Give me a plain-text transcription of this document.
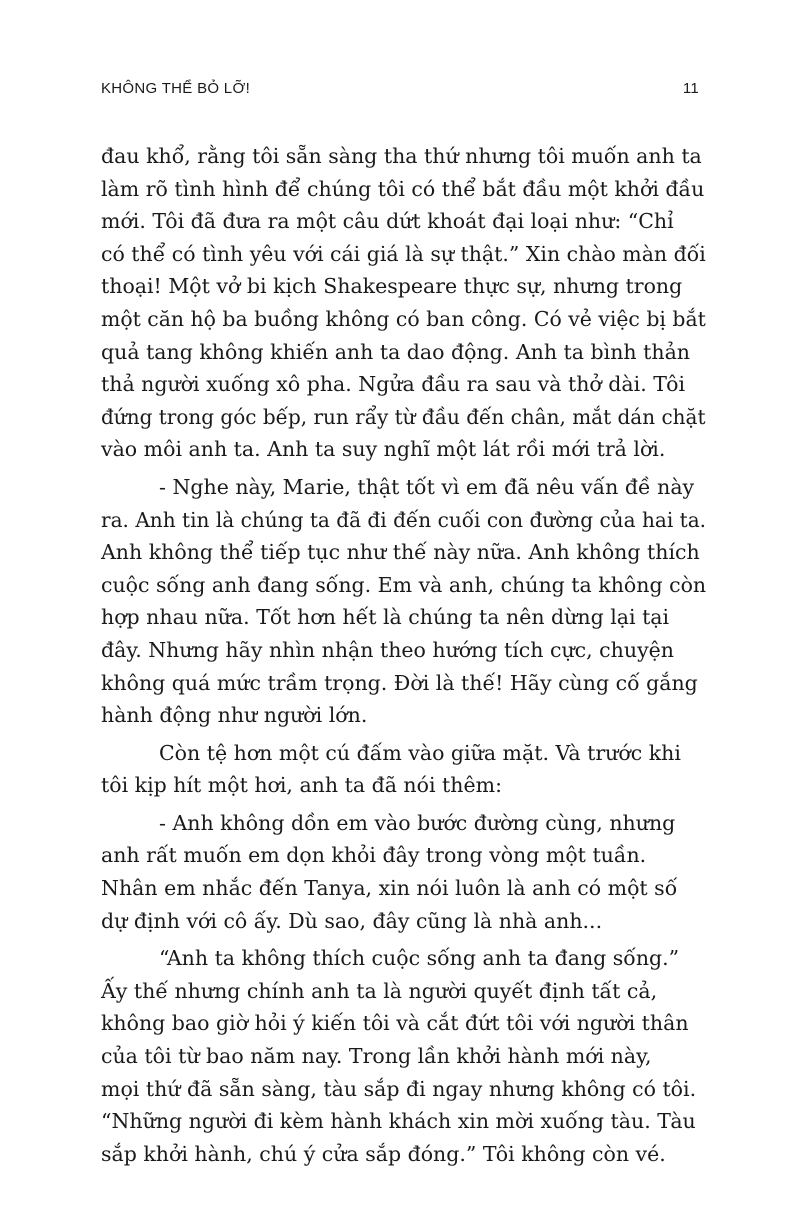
KHÔNG THỂ BỎ LỠ!	11

đau khổ, rằng tôi sẵn sàng tha thứ nhưng tôi muốn anh ta
làm rõ tình hình để chúng tôi có thể bắt đầu một khởi đầu
mới. Tôi đã đưa ra một câu dứt khoát đại loại như: “Chỉ
có thể có tình yêu với cái giá là sự thật.” Xin chào màn đối
thoại! Một vở bi kịch Shakespeare thực sự, nhưng trong
một căn hộ ba buồng không có ban công. Có vẻ việc bị bắt
quả tang không khiến anh ta dao động. Anh ta bình thản
thả người xuống xô pha. Ngửa đầu ra sau và thở dài. Tôi
đứng trong góc bếp, run rẩy từ đầu đến chân, mắt dán chặt
vào môi anh ta. Anh ta suy nghĩ một lát rồi mới trả lời.

- Nghe này, Marie, thật tốt vì em đã nêu vấn đề này
ra. Anh tin là chúng ta đã đi đến cuối con đường của hai ta.
Anh không thể tiếp tục như thế này nữa. Anh không thích
cuộc sống anh đang sống. Em và anh, chúng ta không còn
hợp nhau nữa. Tốt hơn hết là chúng ta nên dừng lại tại
đây. Nhưng hãy nhìn nhận theo hướng tích cực, chuyện
không quá mức trầm trọng. Đời là thế! Hãy cùng cố gắng
hành động như người lớn.

Còn tệ hơn một cú đấm vào giữa mặt. Và trước khi
tôi kịp hít một hơi, anh ta đã nói thêm:

- Anh không dồn em vào bước đường cùng, nhưng
anh rất muốn em dọn khỏi đây trong vòng một tuần.
Nhân em nhắc đến Tanya, xin nói luôn là anh có một số
dự định với cô ấy. Dù sao, đây cũng là nhà anh...

“Anh ta không thích cuộc sống anh ta đang sống.”
Ấy thế nhưng chính anh ta là người quyết định tất cả,
không bao giờ hỏi ý kiến tôi và cắt đứt tôi với người thân
của tôi từ bao năm nay. Trong lần khởi hành mới này,
mọi thứ đã sẵn sàng, tàu sắp đi ngay nhưng không có tôi.
“Những người đi kèm hành khách xin mời xuống tàu. Tàu
sắp khởi hành, chú ý cửa sắp đóng.” Tôi không còn vé.
